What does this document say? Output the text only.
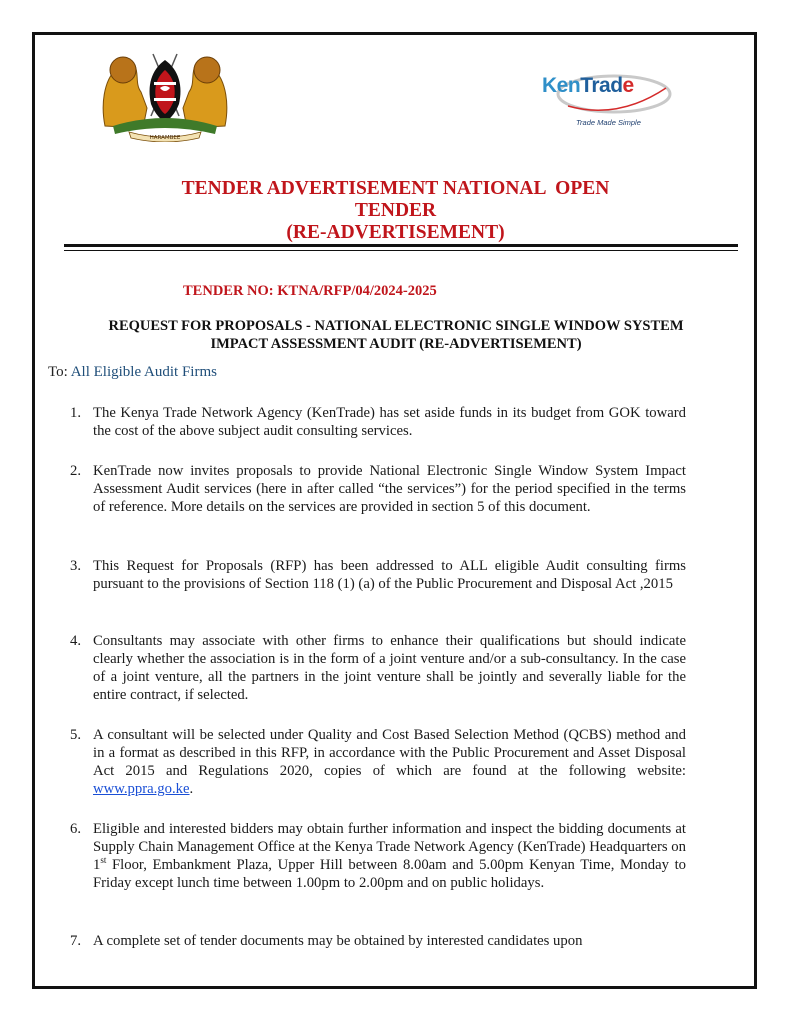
HARAMBEE
KenTrade
Trade Made Simple
TENDER ADVERTISEMENT NATIONAL  OPEN
TENDER
(RE-ADVERTISEMENT)
TENDER NO: KTNA/RFP/04/2024-2025
REQUEST FOR PROPOSALS - NATIONAL ELECTRONIC SINGLE WINDOW SYSTEM
IMPACT ASSESSMENT AUDIT (RE-ADVERTISEMENT)
To: All Eligible Audit Firms
1. The Kenya Trade Network Agency (KenTrade) has set aside funds in its budget from GOK toward the cost of the above subject audit consulting services.
2. KenTrade now invites proposals to provide National Electronic Single Window System Impact Assessment Audit services (here in after called “the services”) for the period specified in the terms of reference. More details on the services are provided in section 5 of this document.
3. This Request for Proposals (RFP) has been addressed to ALL eligible Audit consulting firms pursuant to the provisions of Section 118 (1) (a) of the Public Procurement and Disposal Act ,2015
4. Consultants may associate with other firms to enhance their qualifications but should indicate clearly whether the association is in the form of a joint venture and/or a sub-consultancy. In the case of a joint venture, all the partners in the joint venture shall be jointly and severally liable for the entire contract, if selected.
5. A consultant will be selected under Quality and Cost Based Selection Method (QCBS) method and in a format as described in this RFP, in accordance with the Public Procurement and Asset Disposal Act 2015 and Regulations 2020, copies of which are found at the following website: www.ppra.go.ke.
6. Eligible and interested bidders may obtain further information and inspect the bidding documents at Supply Chain Management Office at the Kenya Trade Network Agency (KenTrade) Headquarters on 1st Floor, Embankment Plaza, Upper Hill between 8.00am and 5.00pm Kenyan Time, Monday to Friday except lunch time between 1.00pm to 2.00pm and on public holidays.
7. A complete set of tender documents may be obtained by interested candidates upon
